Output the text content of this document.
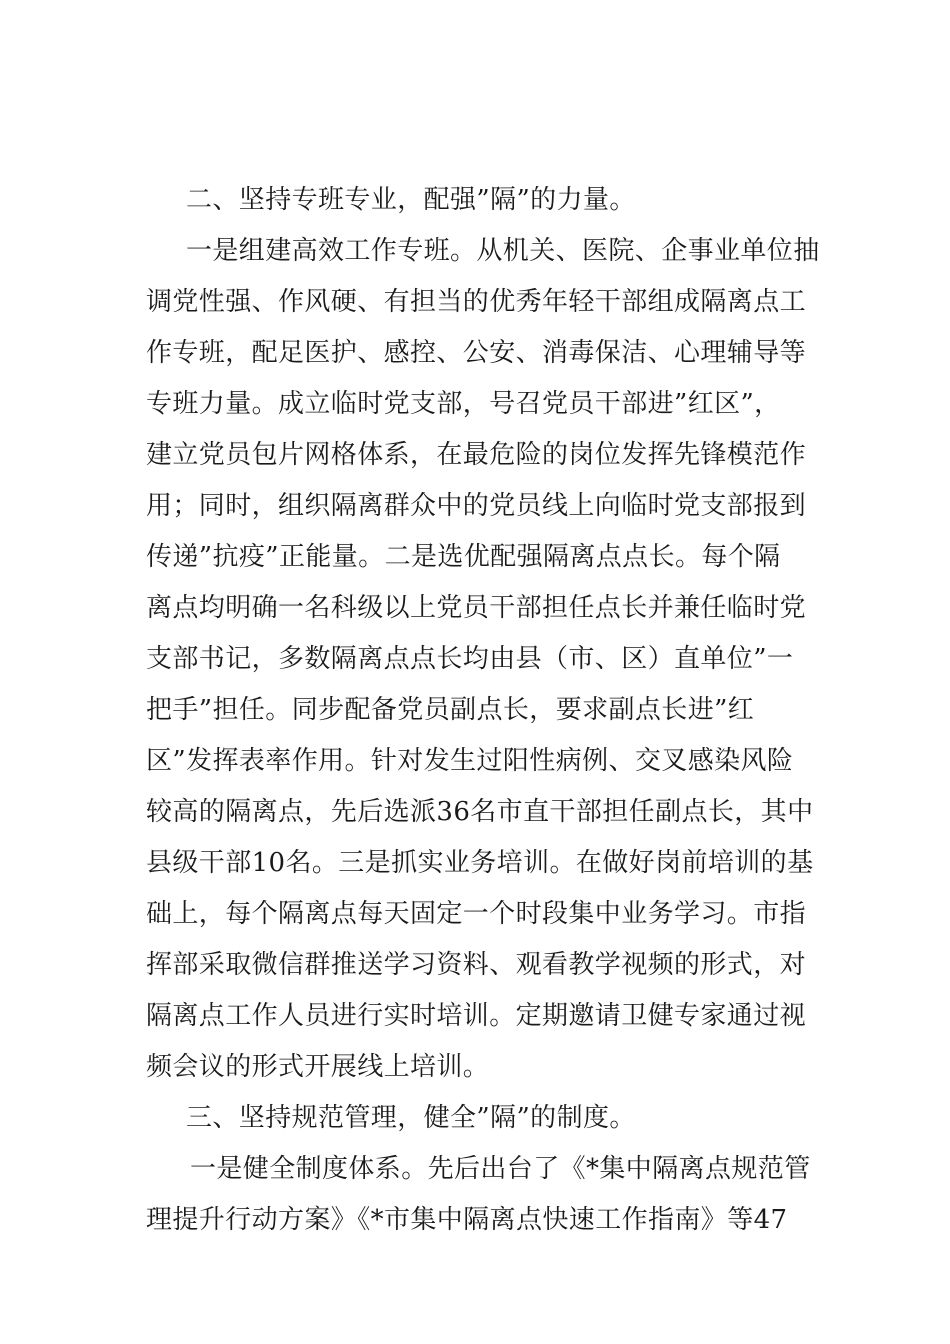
二、坚持专班专业，配强”隔”的力量。
一是组建高效工作专班。从机关、医院、企事业单位抽
调党性强、作风硬、有担当的优秀年轻干部组成隔离点工
作专班，配足医护、感控、公安、消毒保洁、心理辅导等
专班力量。成立临时党支部，号召党员干部进”红区”，
建立党员包片网格体系，在最危险的岗位发挥先锋模范作
用；同时，组织隔离群众中的党员线上向临时党支部报到
传递”抗疫”正能量。二是选优配强隔离点点长。每个隔
离点均明确一名科级以上党员干部担任点长并兼任临时党
支部书记，多数隔离点点长均由县（市、区）直单位”一
把手”担任。同步配备党员副点长，要求副点长进”红
区”发挥表率作用。针对发生过阳性病例、交叉感染风险
较高的隔离点，先后选派36名市直干部担任副点长，其中
县级干部10名。三是抓实业务培训。在做好岗前培训的基
础上，每个隔离点每天固定一个时段集中业务学习。市指
挥部采取微信群推送学习资料、观看教学视频的形式，对
隔离点工作人员进行实时培训。定期邀请卫健专家通过视
频会议的形式开展线上培训。
三、坚持规范管理，健全”隔”的制度。
一是健全制度体系。先后出台了《*集中隔离点规范管
理提升行动方案》《*市集中隔离点快速工作指南》等47
